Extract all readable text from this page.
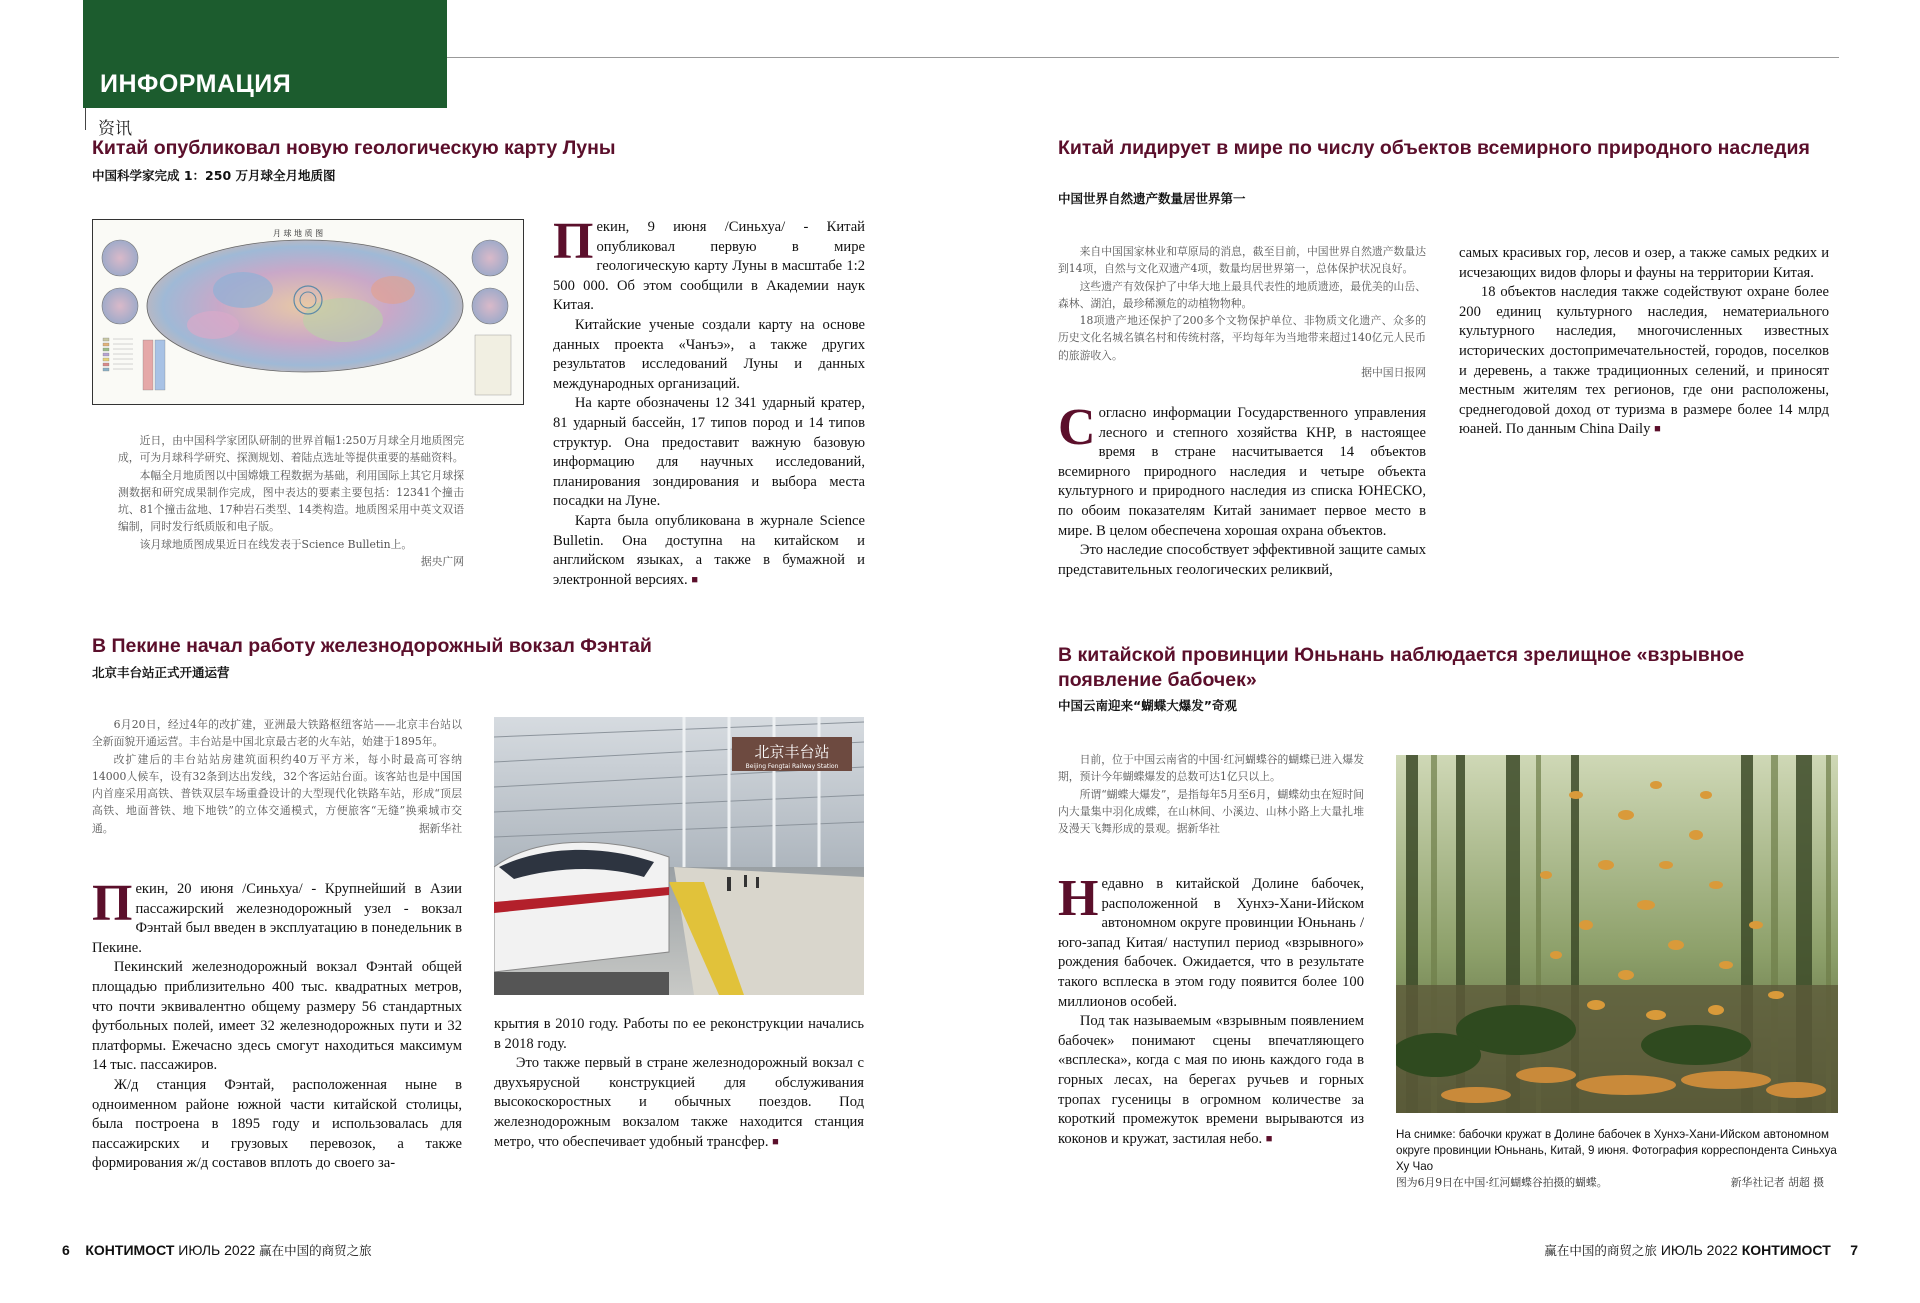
ИНФОРМАЦИЯ
资讯
Китай опубликовал новую геологическую карту Луны
中国科学家完成 1：250 万月球全月地质图
月 球 地 质 图

近日，由中国科学家团队研制的世界首幅1:250万月球全月地质图完成，可为月球科学研究、探测规划、着陆点选址等提供重要的基础资料。

本幅全月地质图以中国嫦娥工程数据为基础，利用国际上其它月球探测数据和研究成果制作完成，图中表达的要素主要包括：12341个撞击坑、81个撞击盆地、17种岩石类型、14类构造。地质图采用中英文双语编制，同时发行纸质版和电子版。

该月球地质图成果近日在线发表于Science Bulletin上。

据央广网

Пекин, 9 июня /Синьхуа/ - Китай опубликовал первую в мире геологическую карту Луны в масштабе 1:2 500 000. Об этом сообщили в Академии наук Китая.

Китайские ученые создали карту на основе данных проекта «Чанъэ», а также других результатов исследований Луны и данных международных организаций.

На карте обозначены 12 341 ударный кратер, 81 ударный бассейн, 17 типов пород и 14 типов структур. Она предоставит важную базовую информацию для научных исследований, планирования зондирования и выбора места посадки на Луне.

Карта была опубликована в журнале Science Bulletin. Она доступна на китайском и английском языках, а также в бумажной и электронной версиях. ■

Китай лидирует в мире по числу объектов всемирного природного наследия
中国世界自然遗产数量居世界第一

来自中国国家林业和草原局的消息，截至目前，中国世界自然遗产数量达到14项，自然与文化双遗产4项，数量均居世界第一，总体保护状况良好。

这些遗产有效保护了中华大地上最具代表性的地质遗迹，最优美的山岳、森林、湖泊，最珍稀濒危的动植物物种。

18项遗产地还保护了200多个文物保护单位、非物质文化遗产、众多的历史文化名城名镇名村和传统村落，平均每年为当地带来超过140亿元人民币的旅游收入。

据中国日报网

Согласно информации Государственного управления лесного и степного хозяйства КНР, в настоящее время в стране насчитывается 14 объектов всемирного природного наследия и четыре объекта культурного и природного наследия из списка ЮНЕСКО, по обоим показателям Китай занимает первое место в мире. В целом обеспечена хорошая охрана объектов.

Это наследие способствует эффективной защите самых представительных геологических реликвий,

самых красивых гор, лесов и озер, а также самых редких и исчезающих видов флоры и фауны на территории Китая.

18 объектов наследия также содействуют охране более 200 единиц культурного наследия, нематериального культурного наследия, многочисленных известных исторических достопримечательностей, городов, поселков и деревень, а также традиционных селений, и приносят местным жителям тех регионов, где они расположены, среднегодовой доход от туризма в размере более 14 млрд юаней. По данным China Daily ■

В Пекине начал работу железнодорожный вокзал Фэнтай
北京丰台站正式开通运营

6月20日，经过4年的改扩建，亚洲最大铁路枢纽客站——北京丰台站以全新面貌开通运营。丰台站是中国北京最古老的火车站，始建于1895年。

改扩建后的丰台站站房建筑面积约40万平方米，每小时最高可容纳14000人候车，设有32条到达出发线，32个客运站台面。该客站也是中国国内首座采用高铁、普铁双层车场重叠设计的大型现代化铁路车站，形成“顶层高铁、地面普铁、地下地铁”的立体交通模式，方便旅客“无缝”换乘城市交通。	据新华社

Пекин, 20 июня /Синьхуа/ - Крупнейший в Азии пассажирский железнодорожный узел - вокзал Фэнтай был введен в эксплуатацию в понедельник в Пекине.

Пекинский железнодорожный вокзал Фэнтай общей площадью приблизительно 400 тыс. квадратных метров, что почти эквивалентно общему размеру 56 стандартных футбольных полей, имеет 32 железнодорожных пути и 32 платформы. Ежечасно здесь смогут находиться максимум 14 тыс. пассажиров.

Ж/д станция Фэнтай, расположенная ныне в одноименном районе южной части китайской столицы, была построена в 1895 году и использовалась для пассажирских и грузовых перевозок, а также формирования ж/д составов вплоть до своего за-

北京丰台站
Beijing Fengtai Railway Station

крытия в 2010 году. Работы по ее реконструкции начались в 2018 году.

Это также первый в стране железнодорожный вокзал с двухъярусной конструкцией для обслуживания высокоскоростных и обычных поездов. Под железнодорожным вокзалом также находится станция метро, что обеспечивает удобный трансфер. ■

В китайской провинции Юньнань наблюдается зрелищное «взрывное появление бабочек»
中国云南迎来“蝴蝶大爆发”奇观

日前，位于中国云南省的中国·红河蝴蝶谷的蝴蝶已进入爆发期，预计今年蝴蝶爆发的总数可达1亿只以上。

所谓“蝴蝶大爆发”，是指每年5月至6月，蝴蝶幼虫在短时间内大量集中羽化成蝶，在山林间、小溪边、山林小路上大量扎堆及漫天飞舞形成的景观。据新华社

Недавно в китайской Долине бабочек, расположенной в Хунхэ-Хани-Ийском автономном округе провинции Юньнань / юго-запад Китая/ наступил период «взрывного» рождения бабочек. Ожидается, что в результате такого всплеска в этом году появится более 100 миллионов особей.

Под так называемым «взрывным появлением бабочек» понимают сцены впечатляющего «всплеска», когда с мая по июнь каждого года в горных лесах, на берегах ручьев и горных тропах гусеницы в огромном количестве за короткий промежуток времени вырываются из коконов и кружат, застилая небо. ■	На снимке: бабочки кружат в Долине бабочек в Хунхэ-Хани-Ийском автономном округе провинции Юньнань, Китай, 9 июня. Фотография корреспондента Синьхуа Ху Чао
图为6月9日在中国·红河蝴蝶谷拍摄的蝴蝶。	新华社记者 胡超 摄
6 КОНТИМОСТ ИЮЛЬ 2022 赢在中国的商贸之旅	赢在中国的商贸之旅 ИЮЛЬ 2022 КОНТИМОСТ 7
